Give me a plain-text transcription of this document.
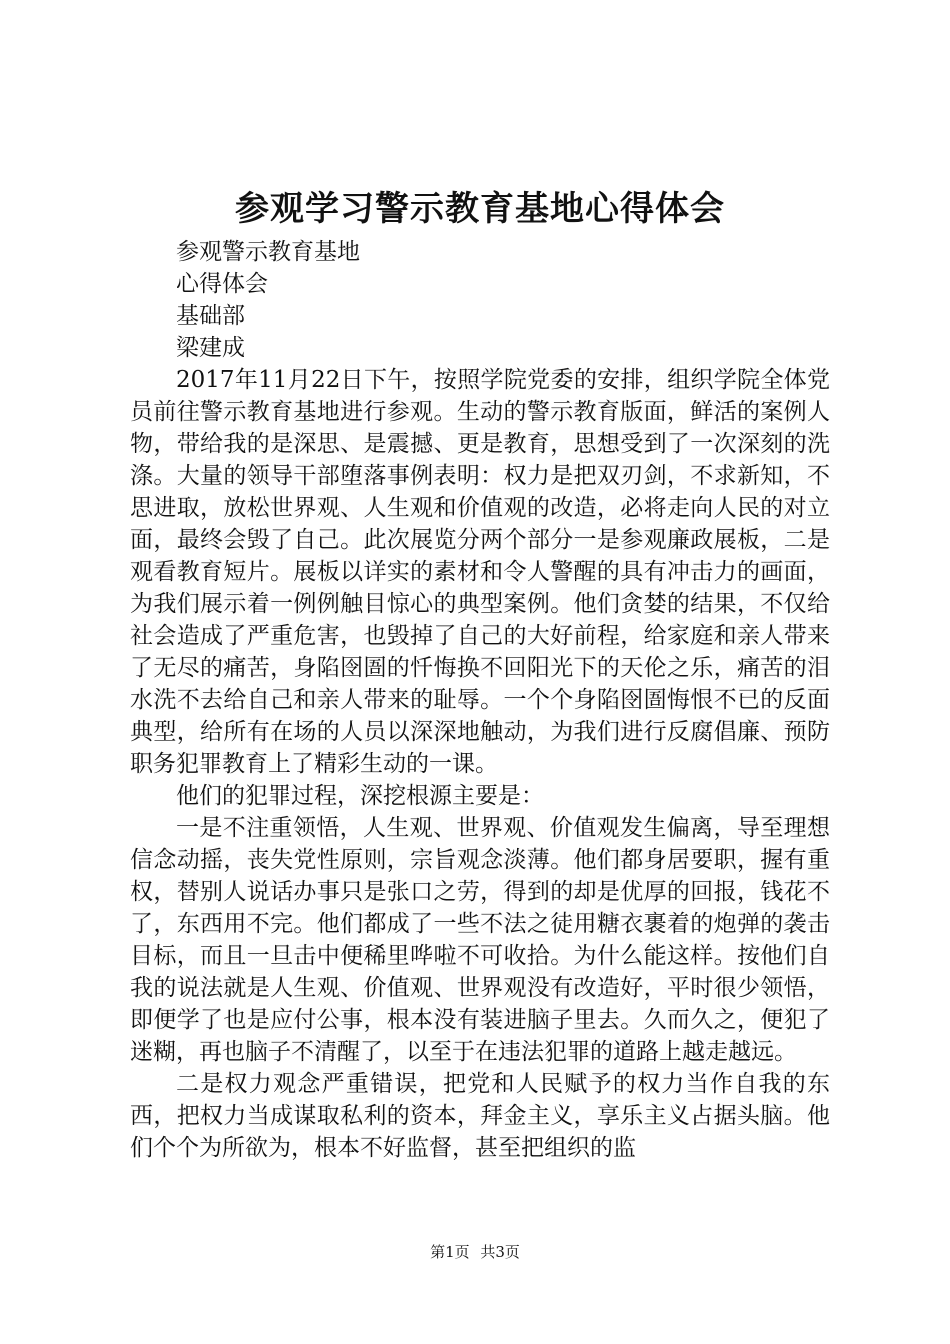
参观学习警示教育基地心得体会

参观警示教育基地

心得体会

基础部

梁建成

2017年11月22日下午，按照学院党委的安排，组织学院全体党员前往警示教育基地进行参观。生动的警示教育版面，鲜活的案例人物，带给我的是深思、是震撼、更是教育，思想受到了一次深刻的洗涤。大量的领导干部堕落事例表明：权力是把双刃剑，不求新知，不思进取，放松世界观、人生观和价值观的改造，必将走向人民的对立面，最终会毁了自己。此次展览分两个部分一是参观廉政展板，二是观看教育短片。展板以详实的素材和令人警醒的具有冲击力的画面，为我们展示着一例例触目惊心的典型案例。他们贪婪的结果，不仅给社会造成了严重危害，也毁掉了自己的大好前程，给家庭和亲人带来了无尽的痛苦，身陷囹圄的忏悔换不回阳光下的天伦之乐，痛苦的泪水洗不去给自己和亲人带来的耻辱。一个个身陷囹圄悔恨不已的反面典型，给所有在场的人员以深深地触动，为我们进行反腐倡廉、预防职务犯罪教育上了精彩生动的一课。

他们的犯罪过程，深挖根源主要是：

一是不注重领悟，人生观、世界观、价值观发生偏离，导至理想信念动摇，丧失党性原则，宗旨观念淡薄。他们都身居要职，握有重权，替别人说话办事只是张口之劳，得到的却是优厚的回报，钱花不了，东西用不完。他们都成了一些不法之徒用糖衣裹着的炮弹的袭击目标，而且一旦击中便稀里哗啦不可收拾。为什么能这样。按他们自我的说法就是人生观、价值观、世界观没有改造好，平时很少领悟，即便学了也是应付公事，根本没有装进脑子里去。久而久之，便犯了迷糊，再也脑子不清醒了，以至于在违法犯罪的道路上越走越远。

二是权力观念严重错误，把党和人民赋予的权力当作自我的东西，把权力当成谋取私利的资本，拜金主义，享乐主义占据头脑。他们个个为所欲为，根本不好监督，甚至把组织的监

第1页 共3页
